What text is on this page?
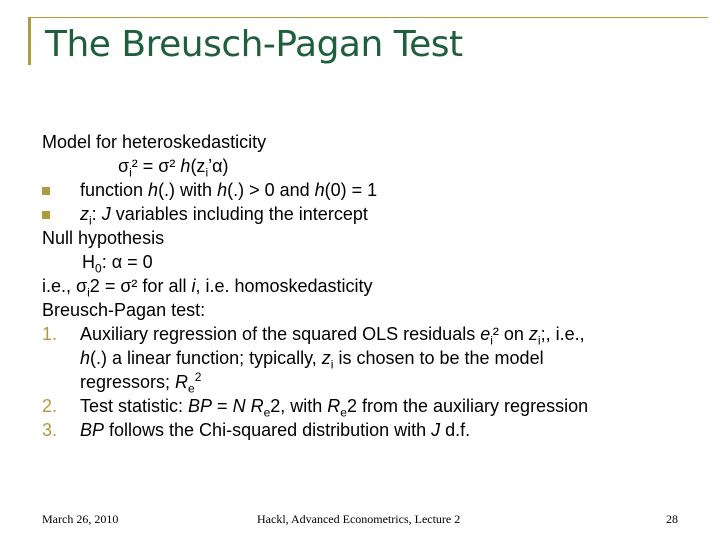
The Breusch-Pagan Test
Model for heteroskedasticity
$\sigma_i^2 = \sigma^2$ $h(z_i’\alpha)$
function h(.) with h(.) > 0 and h(0) = 1
$z_i$: J variables including the intercept
Null hypothesis
$H_0$: α = 0
i.e., $\sigma_i2 = \sigma^2$ for all i, i.e. homoskedasticity
Breusch-Pagan test:
1. Auxiliary regression of the squared OLS residuals $e_i^2$ on $z_i$;, i.e.,
h(.) a linear function; typically, $z_i$ is chosen to be the model
regressors; $R_e^2$
2. Test statistic: BP = N $R_e2$, with $R_e2$ from the auxiliary regression
3. BP follows the Chi-squared distribution with J d.f.
March 26, 2010	Hackl, Advanced Econometrics, Lecture 2	28
